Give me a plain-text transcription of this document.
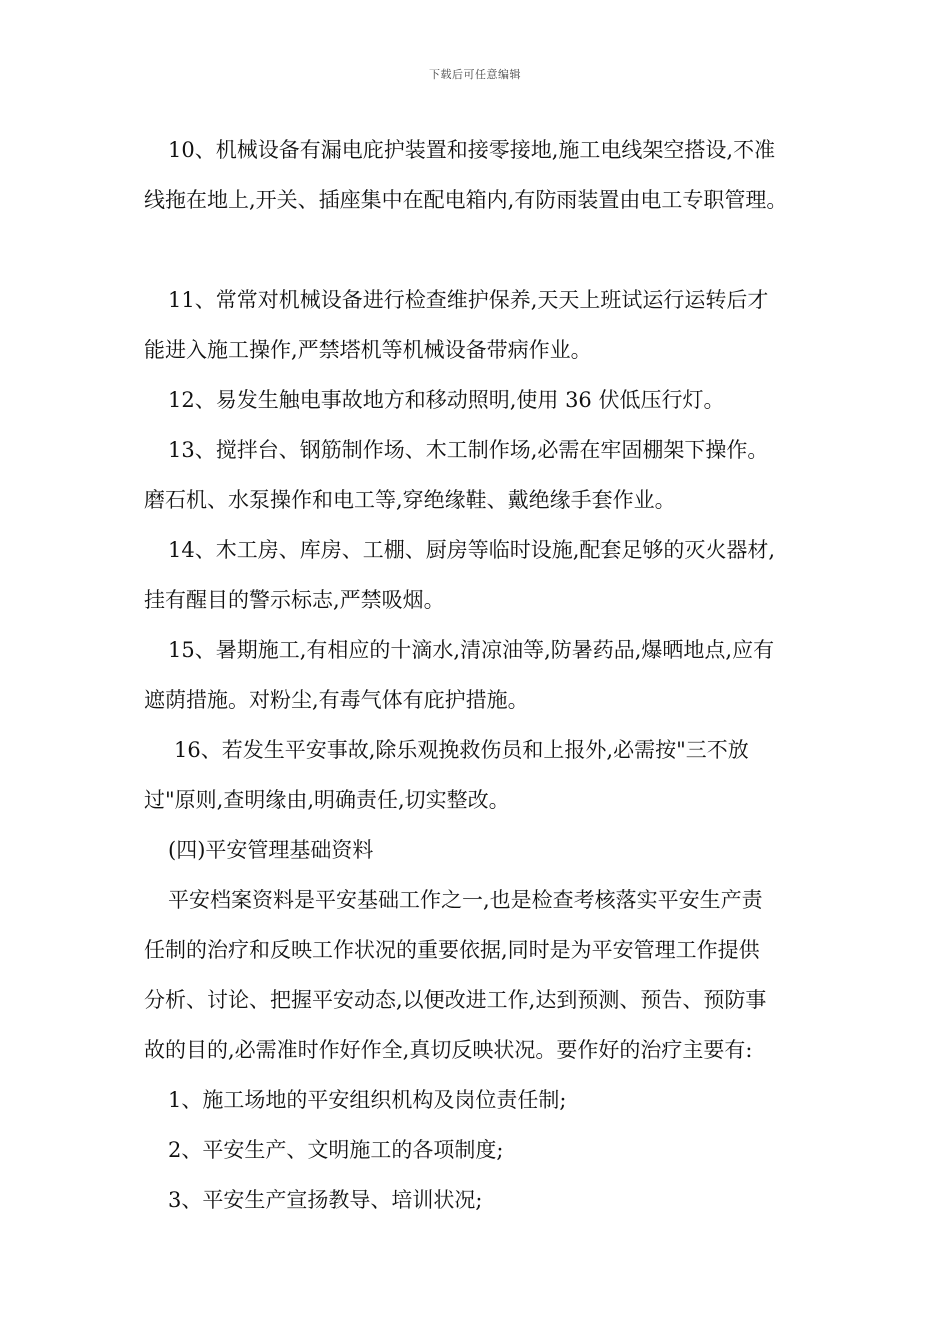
下载后可任意编辑
10、机械设备有漏电庇护装置和接零接地,施工电线架空搭设,不准
线拖在地上,开关、插座集中在配电箱内,有防雨装置由电工专职管理。
11、常常对机械设备进行检查维护保养,天天上班试运行运转后才
能进入施工操作,严禁塔机等机械设备带病作业。
12、易发生触电事故地方和移动照明,使用 36 伏低压行灯。
13、搅拌台、钢筋制作场、木工制作场,必需在牢固棚架下操作。
磨石机、水泵操作和电工等,穿绝缘鞋、戴绝缘手套作业。
14、木工房、库房、工棚、厨房等临时设施,配套足够的灭火器材,
挂有醒目的警示标志,严禁吸烟。
15、暑期施工,有相应的十滴水,清凉油等,防暑药品,爆晒地点,应有
遮荫措施。对粉尘,有毒气体有庇护措施。
16、若发生平安事故,除乐观挽救伤员和上报外,必需按"三不放
过"原则,查明缘由,明确责任,切实整改。
(四)平安管理基础资料
平安档案资料是平安基础工作之一,也是检查考核落实平安生产责
任制的治疗和反映工作状况的重要依据,同时是为平安管理工作提供
分析、讨论、把握平安动态,以便改进工作,达到预测、预告、预防事
故的目的,必需准时作好作全,真切反映状况。要作好的治疗主要有:
1、施工场地的平安组织机构及岗位责任制;
2、平安生产、文明施工的各项制度;
3、平安生产宣扬教导、培训状况;
